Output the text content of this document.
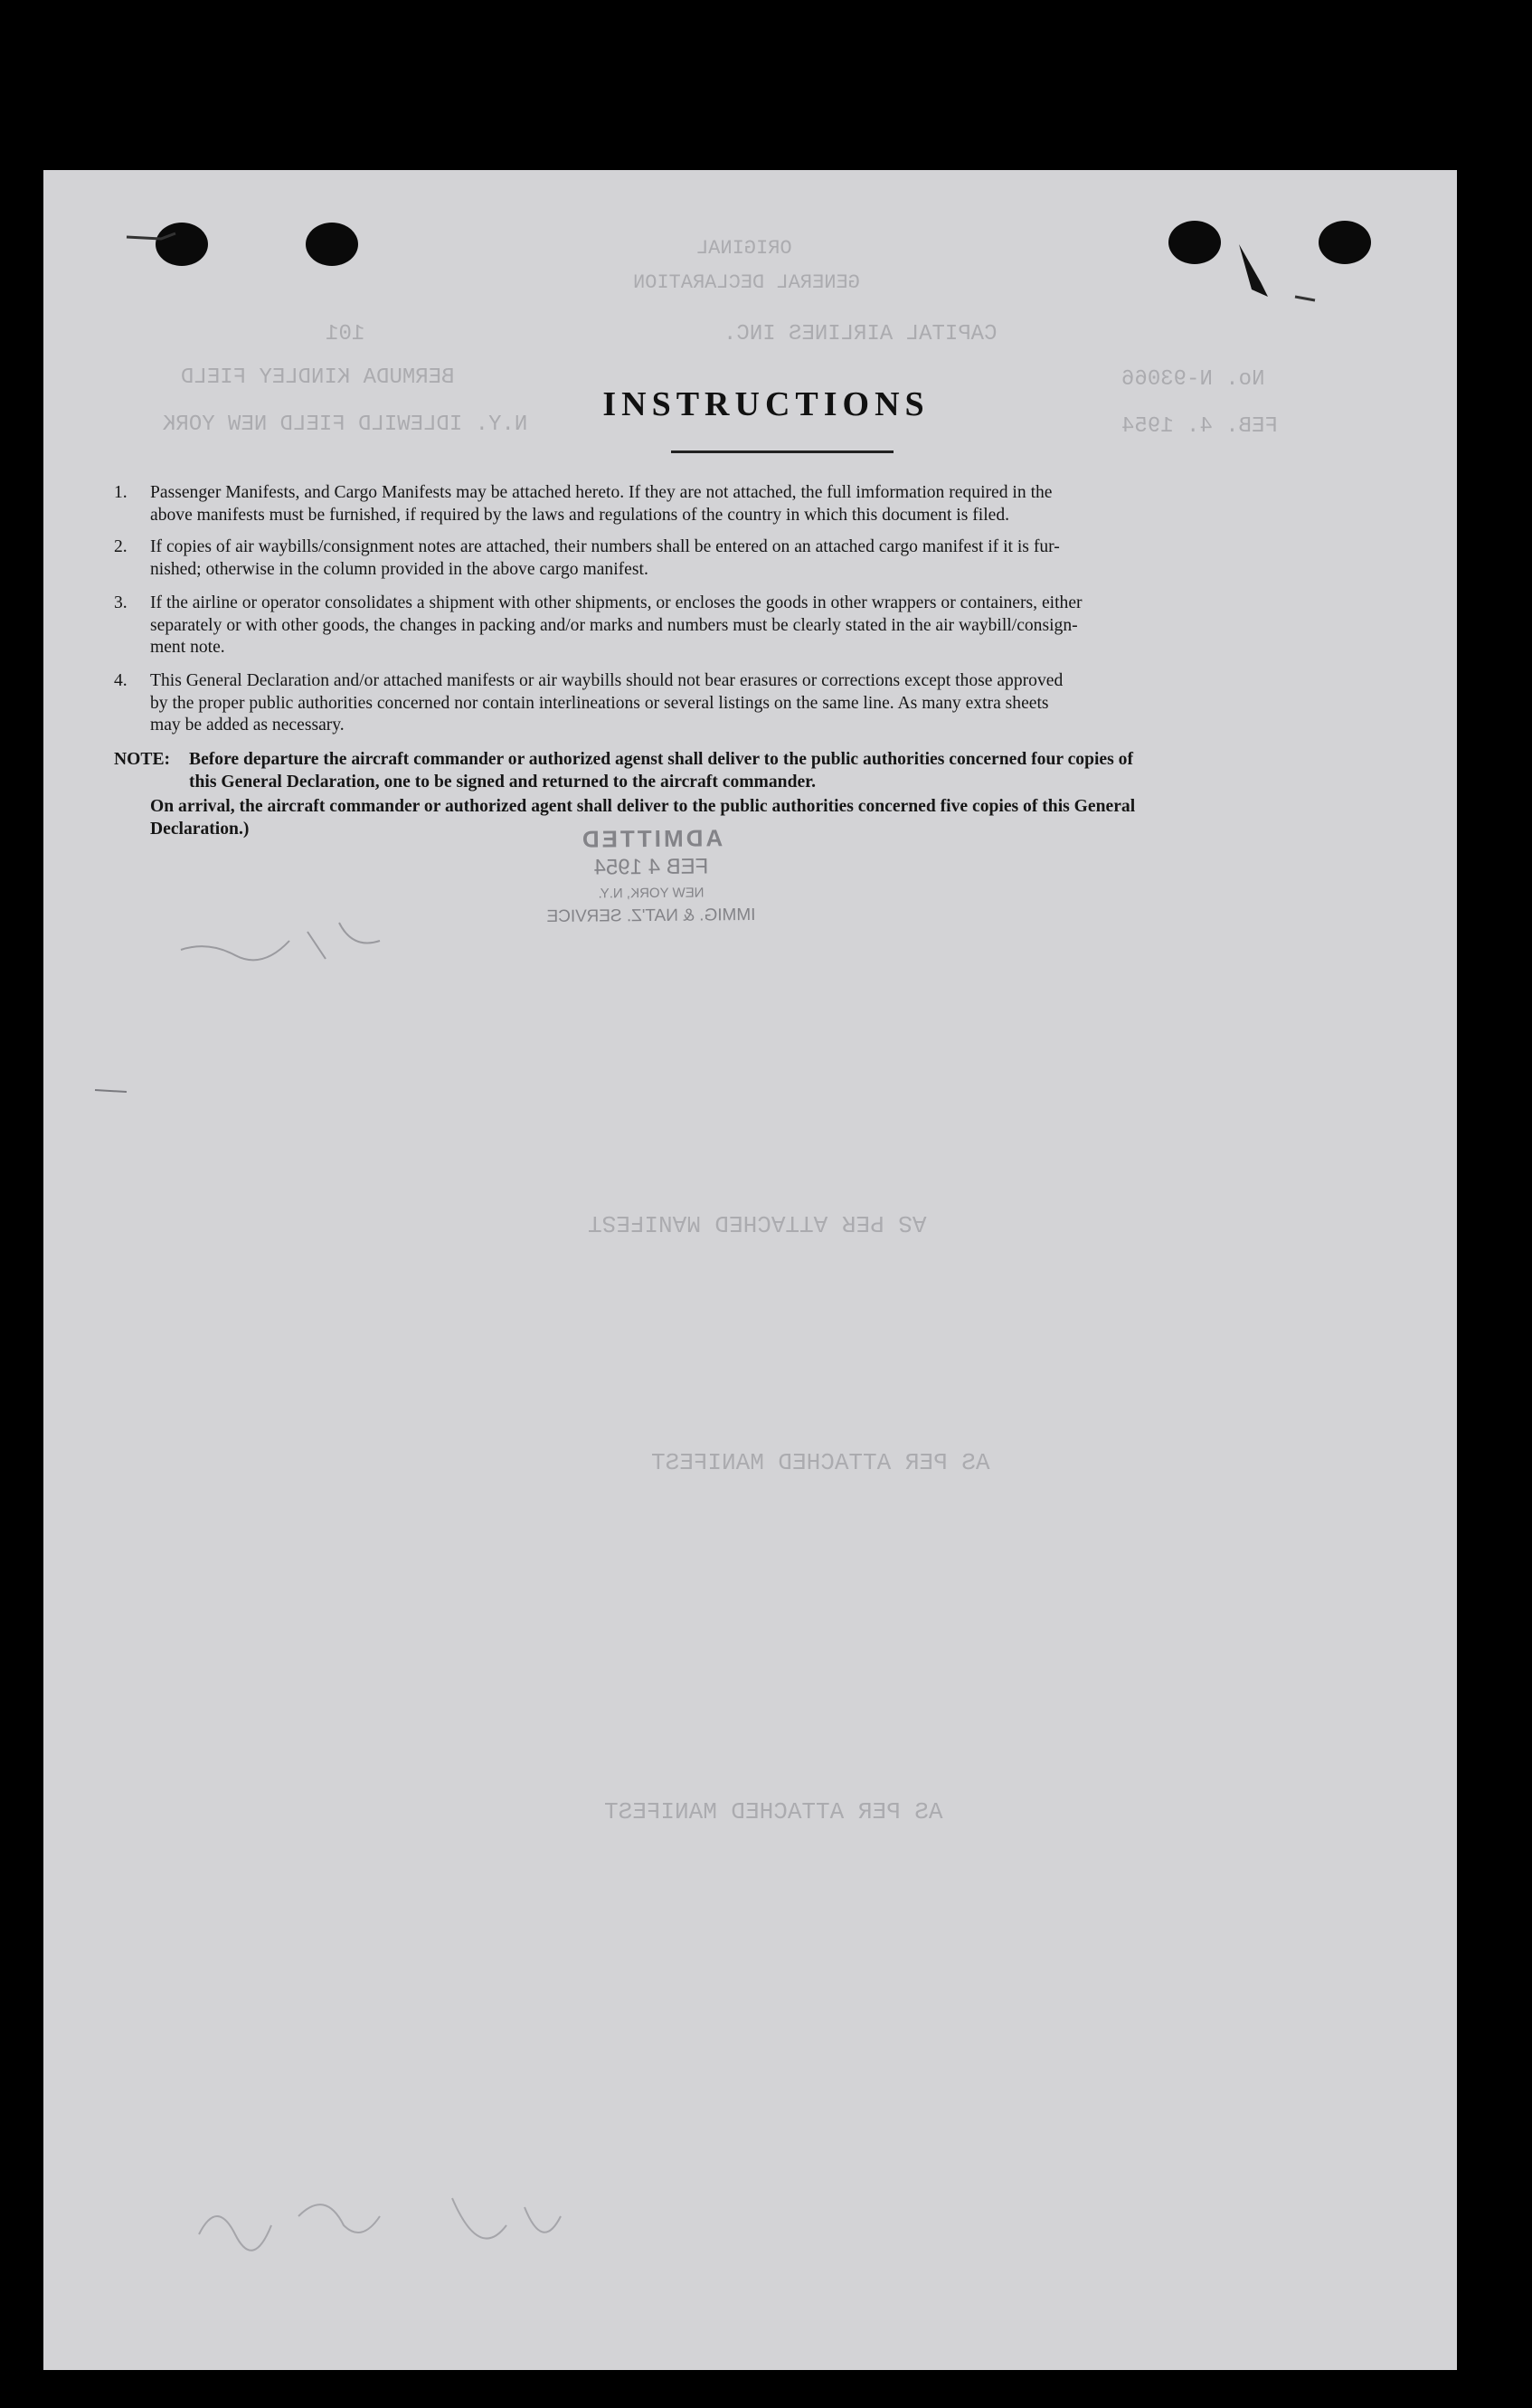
ORIGINAL
GENERAL DECLARATION
CAPITAL AIRLINES INC.
101
No. N-93066
BERMUDA KINDLEY FIELD
FEB. 4. 1954
N.Y. IDLEWILD FIELD NEW YORK
AS PER ATTACHED MANIFEST
AS PER ATTACHED MANIFEST
AS PER ATTACHED MANIFEST
INSTRUCTIONS
1. Passenger Manifests, and Cargo Manifests may be attached hereto. If they are not attached, the full imformation required in the
above manifests must be furnished, if required by the laws and regulations of the country in which this document is filed.
2. If copies of air waybills/consignment notes are attached, their numbers shall be entered on an attached cargo manifest if it is fur-
nished; otherwise in the column provided in the above cargo manifest.
3. If the airline or operator consolidates a shipment with other shipments, or encloses the goods in other wrappers or containers, either
separately or with other goods, the changes in packing and/or marks and numbers must be clearly stated in the air waybill/consign-
ment note.
4. This General Declaration and/or attached manifests or air waybills should not bear erasures or corrections except those approved
by the proper public authorities concerned nor contain interlineations or several listings on the same line. As many extra sheets
may be added as necessary.
NOTE: Before departure the aircraft commander or authorized agenst shall deliver to the public authorities concerned four copies of
this General Declaration, one to be signed and returned to the aircraft commander.
On arrival, the aircraft commander or authorized agent shall deliver to the public authorities concerned five copies of this General
Declaration.)	ADMITTED
FEB 4 1954
NEW YORK, N.Y.
IMMIG. & NAT'Z. SERVICE
